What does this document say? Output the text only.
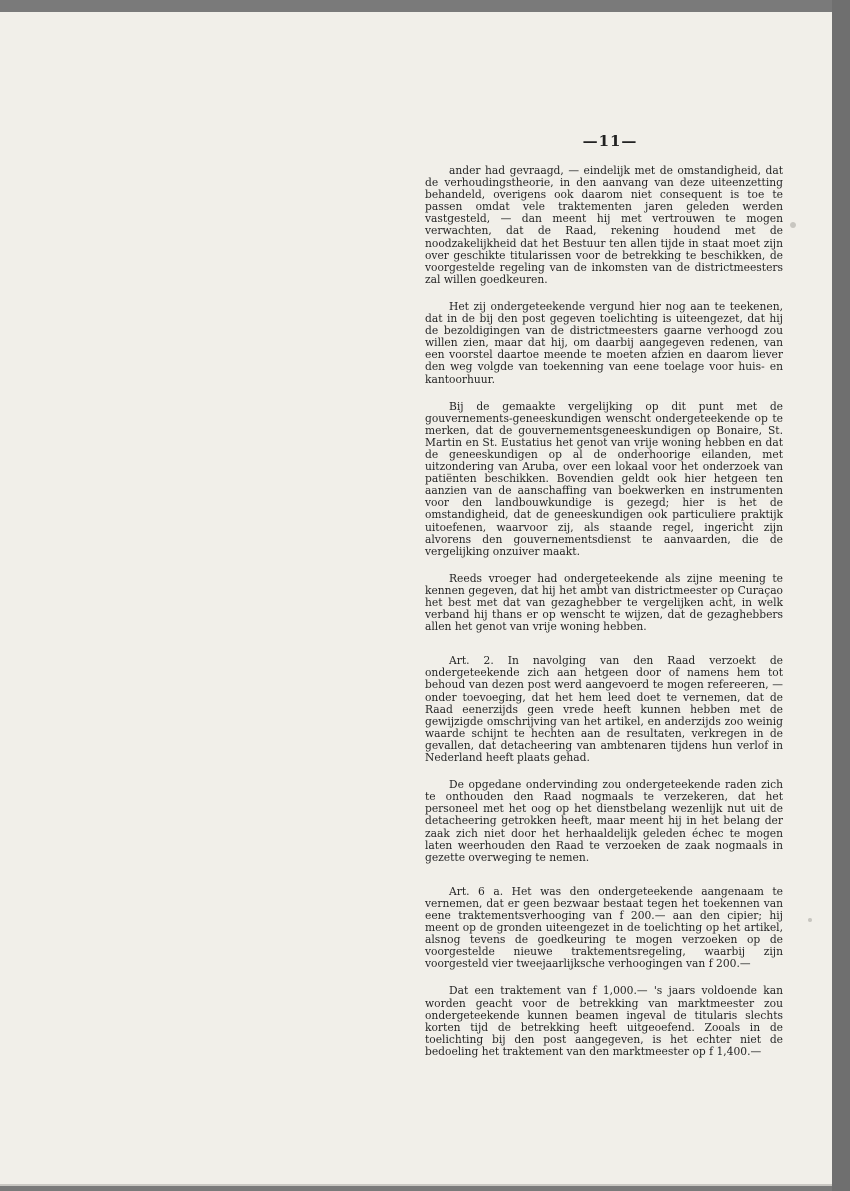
—11—

ander had gevraagd, — eindelijk met de omstandigheid, dat de verhoudingstheorie, in den aanvang van deze uiteenzetting behandeld, overigens ook daarom niet consequent is toe te passen omdat vele traktementen jaren geleden werden vastgesteld, — dan meent hij met vertrouwen te mogen verwachten, dat de Raad, rekening houdend met de noodzakelijkheid dat het Bestuur ten allen tijde in staat moet zijn over geschikte titularissen voor de betrekking te beschikken, de voorgestelde regeling van de inkomsten van de districtmeesters zal willen goedkeuren.

Het zij ondergeteekende vergund hier nog aan te teekenen, dat in de bij den post gegeven toelichting is uiteengezet, dat hij de bezoldigingen van de districtmeesters gaarne verhoogd zou willen zien, maar dat hij, om daarbij aangegeven redenen, van een voorstel daartoe meende te moeten afzien en daarom liever den weg volgde van toekenning van eene toelage voor huis- en kantoorhuur.

Bij de gemaakte vergelijking op dit punt met de gouvernements-geneeskundigen wenscht ondergeteekende op te merken, dat de gouvernementsgeneeskundigen op Bonaire, St. Martin en St. Eustatius het genot van vrije woning hebben en dat de geneeskundigen op al de onderhoorige eilanden, met uitzondering van Aruba, over een lokaal voor het onderzoek van patiënten beschikken. Bovendien geldt ook hier hetgeen ten aanzien van de aanschaffing van boekwerken en instrumenten voor den landbouwkundige is gezegd; hier is het de omstandigheid, dat de geneeskundigen ook particuliere praktijk uitoefenen, waarvoor zij, als staande regel, ingericht zijn alvorens den gouvernementsdienst te aanvaarden, die de vergelijking onzuiver maakt.

Reeds vroeger had ondergeteekende als zijne meening te kennen gegeven, dat hij het ambt van districtmeester op Curaçao het best met dat van gezaghebber te vergelijken acht, in welk verband hij thans er op wenscht te wijzen, dat de gezaghebbers allen het genot van vrije woning hebben.

Art. 2. In navolging van den Raad verzoekt de ondergeteekende zich aan hetgeen door of namens hem tot behoud van dezen post werd aangevoerd te mogen refereeren, — onder toevoeging, dat het hem leed doet te vernemen, dat de Raad eenerzijds geen vrede heeft kunnen hebben met de gewijzigde omschrijving van het artikel, en anderzijds zoo weinig waarde schijnt te hechten aan de resultaten, verkregen in de gevallen, dat detacheering van ambtenaren tijdens hun verlof in Nederland heeft plaats gehad.

De opgedane ondervinding zou ondergeteekende raden zich te onthouden den Raad nogmaals te verzekeren, dat het personeel met het oog op het dienstbelang wezenlijk nut uit de detacheering getrokken heeft, maar meent hij in het belang der zaak zich niet door het herhaaldelijk geleden échec te mogen laten weerhouden den Raad te verzoeken de zaak nogmaals in gezette overweging te nemen.

Art. 6 a. Het was den ondergeteekende aangenaam te vernemen, dat er geen bezwaar bestaat tegen het toekennen van eene traktementsverhooging van f 200.— aan den cipier; hij meent op de gronden uiteengezet in de toelichting op het artikel, alsnog tevens de goedkeuring te mogen verzoeken op de voorgestelde nieuwe traktementsregeling, waarbij zijn voorgesteld vier tweejaarlijksche verhoogingen van f 200.—

Dat een traktement van f 1,000.— 's jaars voldoende kan worden geacht voor de betrekking van marktmeester zou ondergeteekende kunnen beamen ingeval de titularis slechts korten tijd de betrekking heeft uitgeoefend. Zooals in de toelichting bij den post aangegeven, is het echter niet de bedoeling het traktement van den marktmeester op f 1,400.—
